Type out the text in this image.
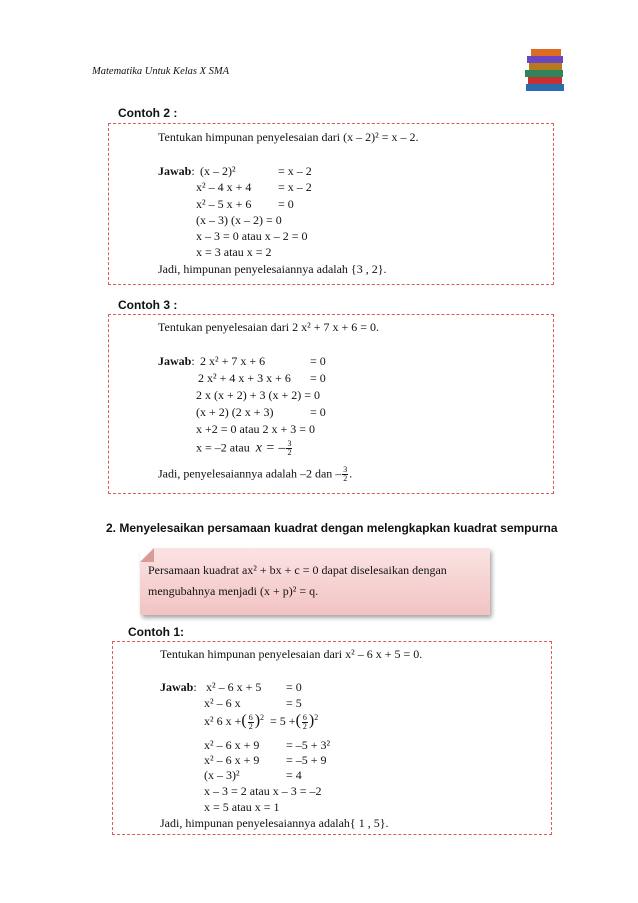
Matematika Untuk Kelas X SMA
Contoh 2 :
Tentukan himpunan penyelesaian dari (x – 2)² = x – 2.
Jawab: (x – 2)²	= x – 2
x² – 4 x + 4 = x – 2
x² – 5 x + 6 = 0
(x – 3) (x – 2) = 0
x – 3 = 0 atau x – 2 = 0
x = 3 atau x = 2
Jadi, himpunan penyelesaiannya adalah {3 , 2}.
Contoh 3 :
Tentukan penyelesaian dari 2 x² + 7 x + 6 = 0.
Jawab: 2 x² + 7 x + 6	= 0
2 x² + 4 x + 3 x + 6 = 0
2 x (x + 2) + 3 (x + 2) = 0
(x + 2) (2 x + 3)	= 0
x +2 = 0 atau 2 x + 3 = 0
x = –2 atau x = – $\frac{3}{2}$
Jadi, penyelesaiannya adalah –2 dan – $\frac{3}{2}$ .
2. Menyelesaikan persamaan kuadrat dengan melengkapkan kuadrat sempurna
Persamaan kuadrat ax² + bx + c = 0 dapat diselesaikan dengan
mengubahnya menjadi (x + p)² = q.
Contoh 1:
Tentukan himpunan penyelesaian dari x² – 6 x + 5 = 0.
Jawab: x² – 6 x + 5 = 0
x² – 6 x	= 5
x² 6 x +( $\frac{6}{2} )^2 = 5$ +( $\frac{6}{2} )^2$
x² – 6 x + 9 = –5 + 3²
x² – 6 x + 9 = –5 + 9
(x – 3)²	= 4
x – 3 = 2 atau x – 3 = –2
x = 5 atau x = 1
Jadi, himpunan penyelesaiannya adalah{ 1 , 5}.
